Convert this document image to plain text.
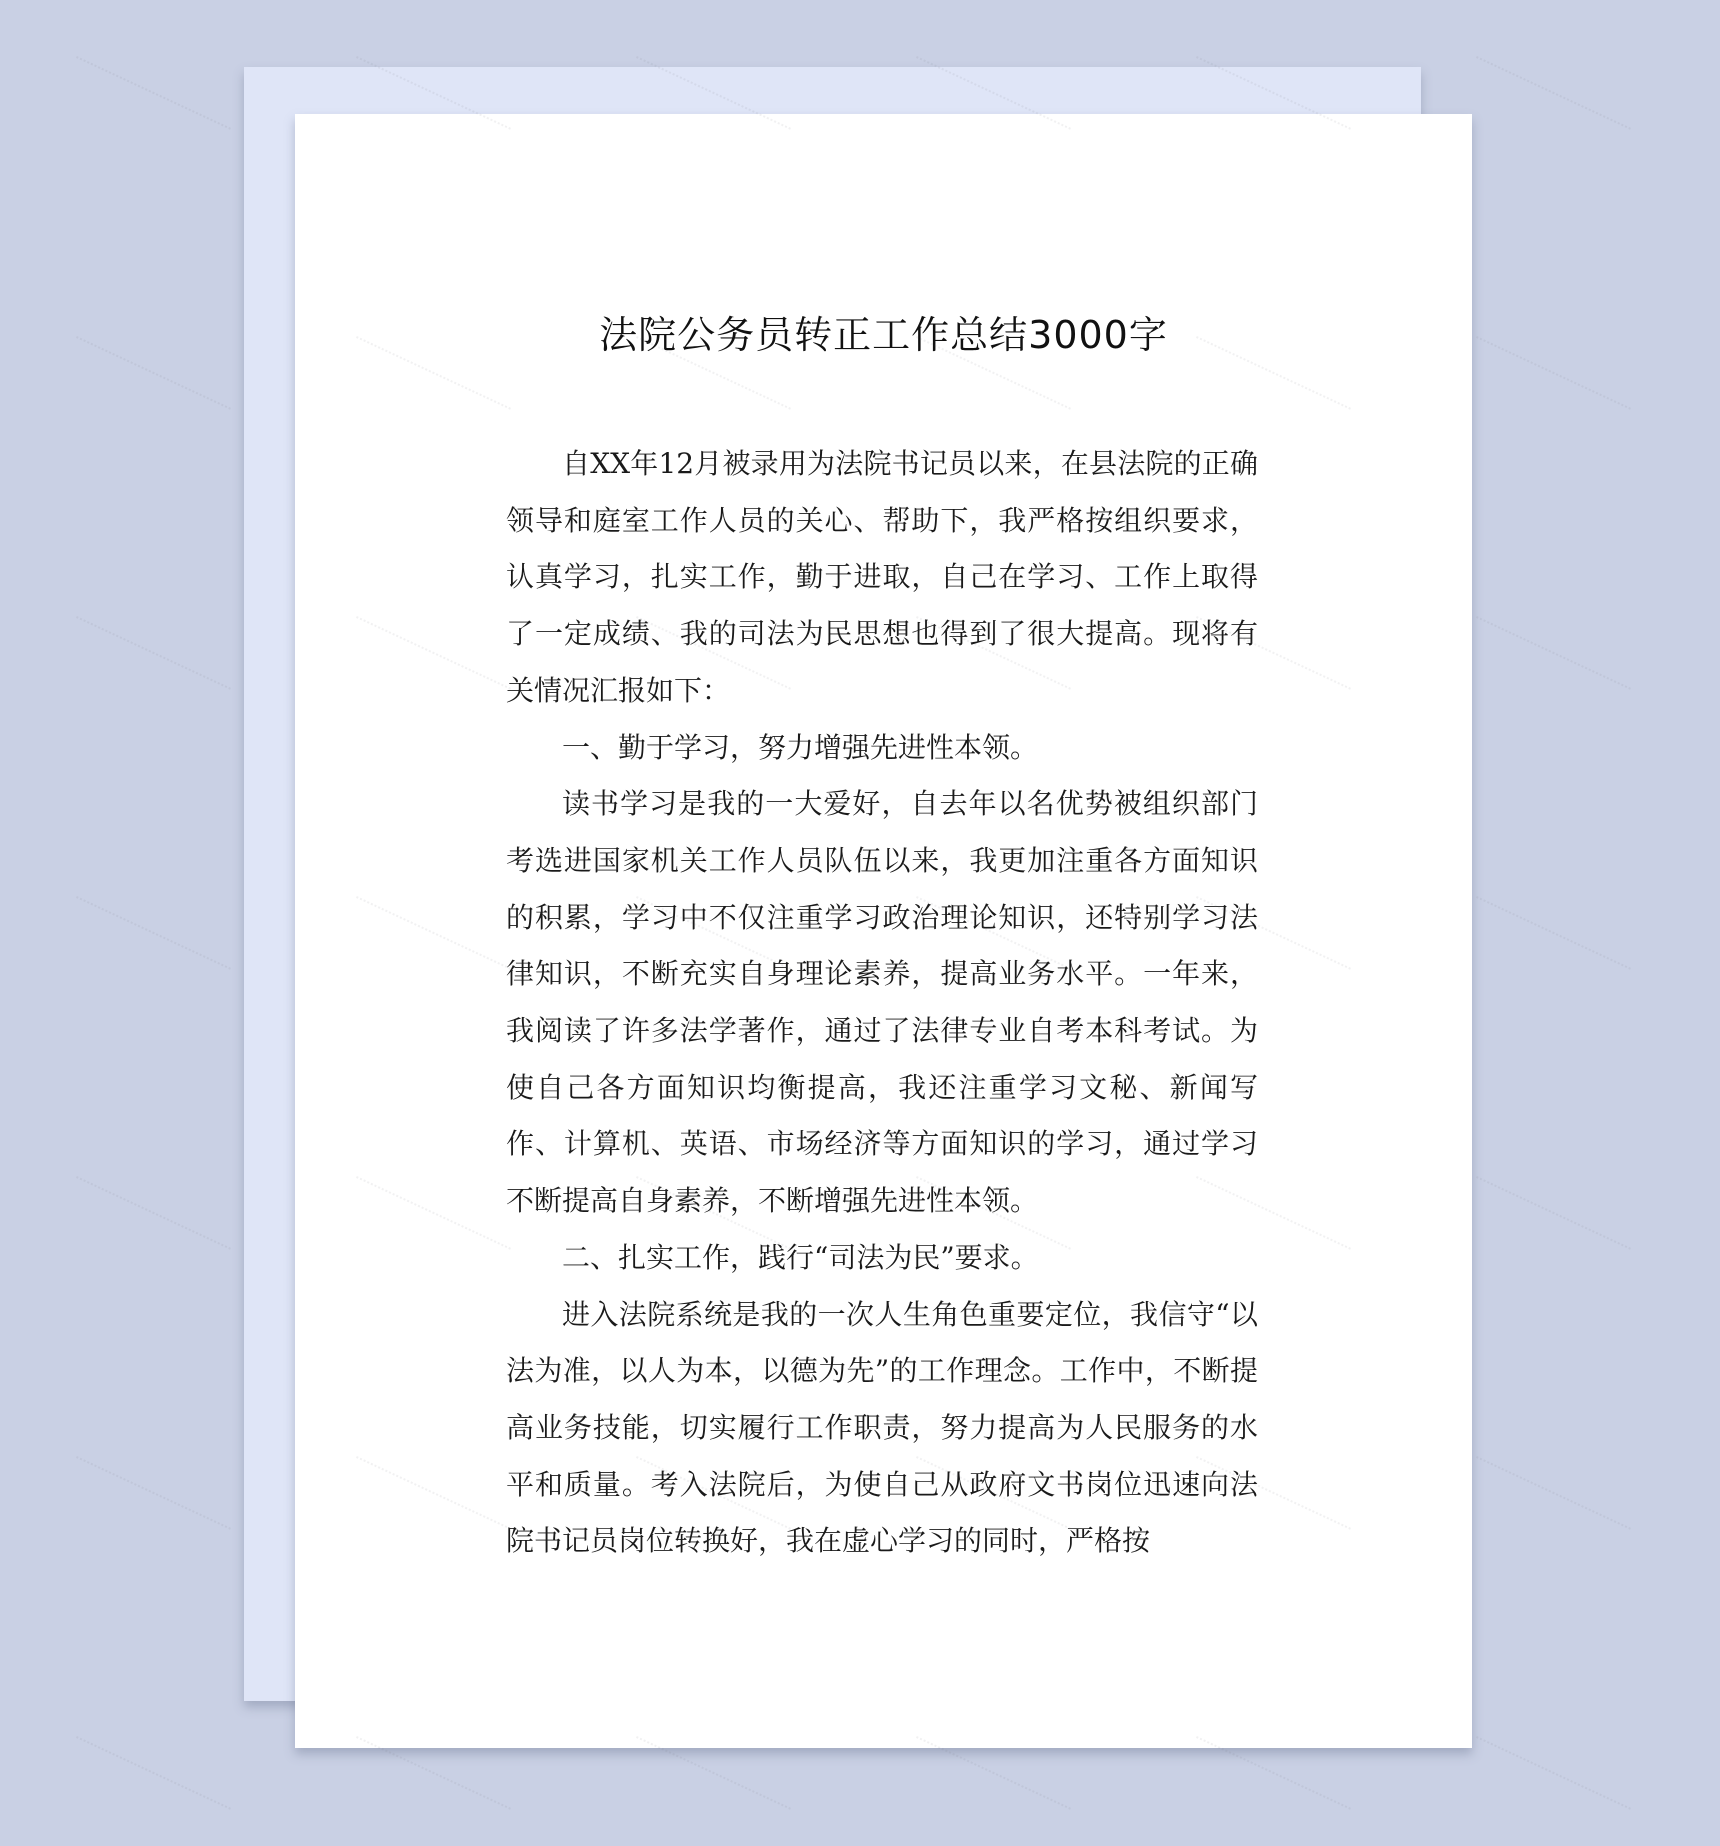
法院公务员转正工作总结3000字

自XX年12月被录用为法院书记员以来，在县法院的正确领导和庭室工作人员的关心、帮助下，我严格按组织要求，认真学习，扎实工作，勤于进取，自己在学习、工作上取得了一定成绩、我的司法为民思想也得到了很大提高。现将有关情况汇报如下：

一、勤于学习，努力增强先进性本领。

读书学习是我的一大爱好，自去年以名优势被组织部门考选进国家机关工作人员队伍以来，我更加注重各方面知识的积累，学习中不仅注重学习政治理论知识，还特别学习法律知识，不断充实自身理论素养，提高业务水平。一年来，我阅读了许多法学著作，通过了法律专业自考本科考试。为使自己各方面知识均衡提高，我还注重学习文秘、新闻写作、计算机、英语、市场经济等方面知识的学习，通过学习不断提高自身素养，不断增强先进性本领。

二、扎实工作，践行“司法为民”要求。

进入法院系统是我的一次人生角色重要定位，我信守“以法为准，以人为本，以德为先”的工作理念。工作中，不断提高业务技能，切实履行工作职责，努力提高为人民服务的水平和质量。考入法院后，为使自己从政府文书岗位迅速向法院书记员岗位转换好，我在虚心学习的同时，严格按
